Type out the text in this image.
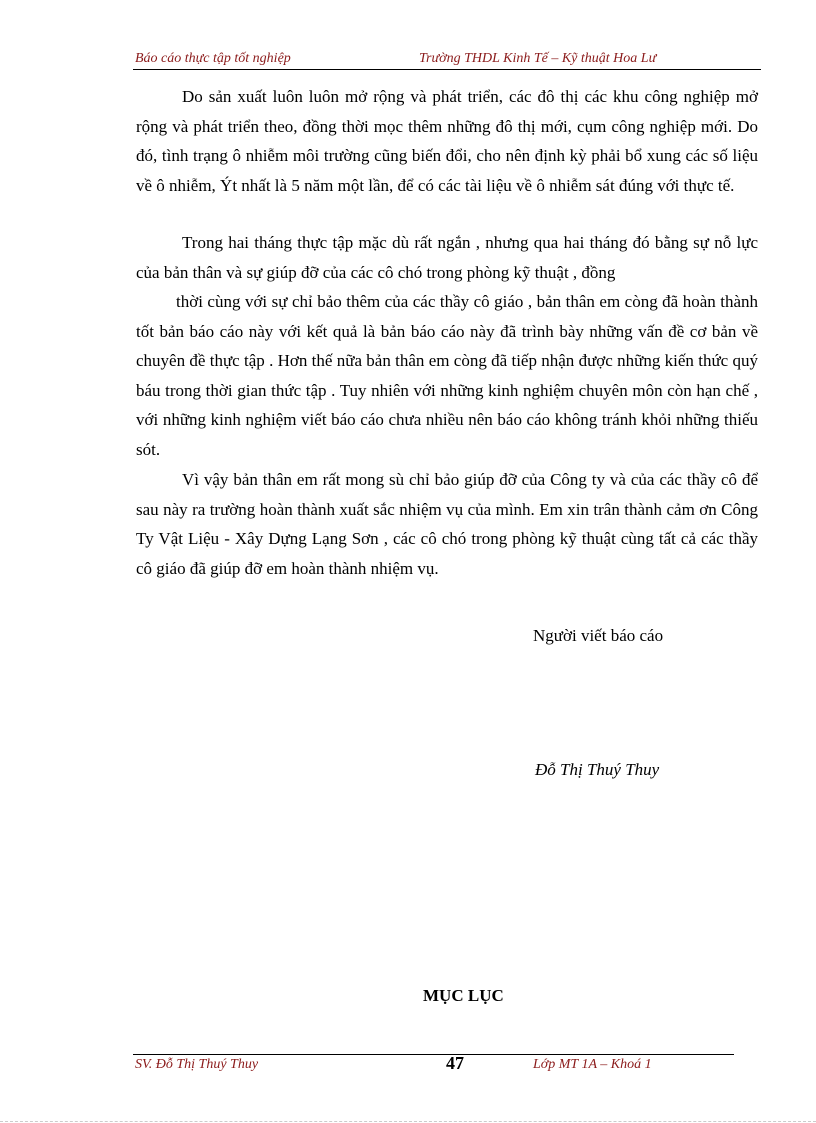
Báo cáo thực tập tốt nghiệp	Trường THDL Kinh Tế – Kỹ thuật Hoa Lư

Do sản xuất luôn luôn mở rộng và phát triển, các đô thị các khu công nghiệp mở rộng và phát triển theo, đồng thời mọc thêm những đô thị mới, cụm công nghiệp mới. Do đó, tình trạng ô nhiễm môi trường cũng biến đổi, cho nên định kỳ phải bổ xung các số liệu về ô nhiễm, Ýt nhất là 5 năm một lần, để có các tài liệu về ô nhiễm sát đúng với thực tế.

Trong hai tháng thực tập mặc dù rất ngắn , nhưng qua hai tháng đó bằng sự nỗ lực của bản thân và sự giúp đỡ của các cô chó trong phòng kỹ thuật , đồng

thời cùng với sự chỉ bảo thêm của các thầy cô giáo , bản thân em còng đã hoàn thành tốt bản báo cáo này với kết quả là bản báo cáo này đã trình bày những vấn đề cơ bản về chuyên đề thực tập . Hơn thế nữa bản thân em còng đã tiếp nhận được những kiến thức quý báu trong thời gian thức tập . Tuy nhiên với những kinh nghiệm chuyên môn còn hạn chế , với những kinh nghiệm viết báo cáo chưa nhiều nên báo cáo không tránh khỏi những thiếu sót.

Vì vậy bản thân em rất mong sù chỉ bảo giúp đỡ của Công ty và của các thầy cô để sau này ra trường hoàn thành xuất sắc nhiệm vụ của mình. Em xin trân thành cảm ơn Công Ty Vật Liệu - Xây Dựng Lạng Sơn , các cô chó trong phòng kỹ thuật cùng tất cả các thầy cô giáo đã giúp đỡ em hoàn thành nhiệm vụ.

Người viết báo cáo
Đỗ Thị Thuý Thuy
MỤC LỤC
SV. Đỗ Thị Thuý Thuy	47	Lớp MT 1A – Khoá 1
